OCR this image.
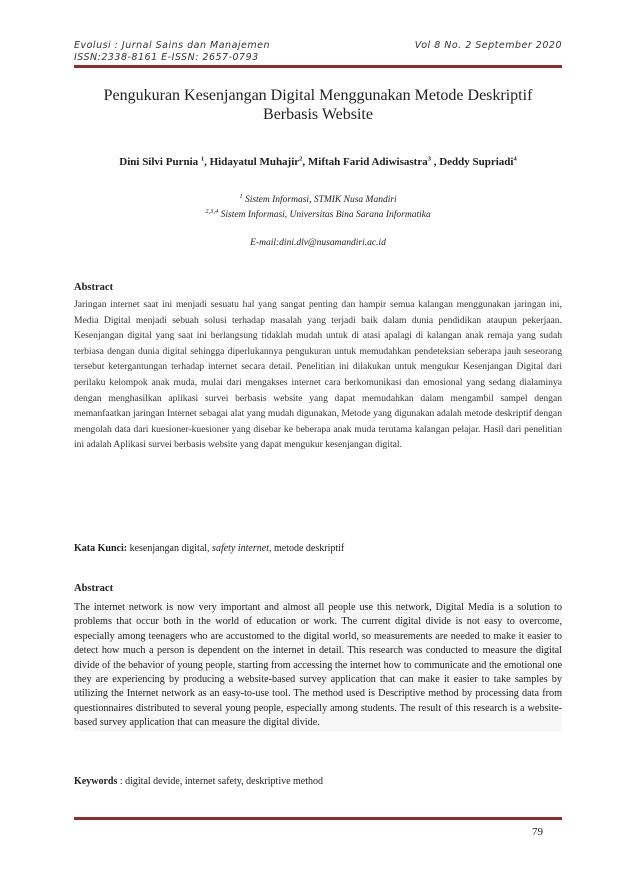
Evolusi : Jurnal Sains dan Manajemen	Vol 8 No. 2 September 2020
ISSN:2338-8161 E-ISSN: 2657-0793
Pengukuran Kesenjangan Digital Menggunakan Metode Deskriptif
Berbasis Website
Dini Silvi Purnia $^1$, Hidayatul Muhajir$^2$, Miftah Farid Adiwisastra$^3$ , Deddy Supriadi$^4$
$^1$ Sistem Informasi, STMIK Nusa Mandiri
$^{2,3,4}$ Sistem Informasi, Universitas Bina Sarana Informatika
E-mail:dini.dlv@nusamandiri.ac.id
Abstract

Jaringan internet saat ini menjadi sesuatu hal yang sangat penting dan hampir semua kalangan menggunakan jaringan ini, Media Digital menjadi sebuah solusi terhadap masalah yang terjadi baik dalam dunia pendidikan ataupun pekerjaan. Kesenjangan digital yang saat ini berlangsung tidaklah mudah untuk di atasi apalagi di kalangan anak remaja yang sudah terbiasa dengan dunia digital sehingga diperlukannya pengukuran untuk memudahkan pendeteksian seberapa jauh seseorang tersebut ketergantungan terhadap internet secara detail. Penelitian ini dilakukan untuk mengukur Kesenjangan Digital dari perilaku kelompok anak muda, mulai dari mengakses internet cara berkomunikasi dan emosional yang sedang dialaminya dengan menghasilkan aplikasi survei berbasis website yang dapat memudahkan dalam mengambil sampel dengan memanfaatkan jaringan Internet sebagai alat yang mudah digunakan, Metode yang digunakan adalah metode deskriptif dengan mengolah data dari kuesioner-kuesioner yang disebar ke beberapa anak muda terutama kalangan pelajar. Hasil dari penelitian ini adalah Aplikasi survei berbasis website yang dapat mengukur kesenjangan digital.

Kata Kunci: kesenjangan digital, safety internet, metode deskriptif
Abstract

The internet network is now very important and almost all people use this network, Digital Media is a solution to problems that occur both in the world of education or work. The current digital divide is not easy to overcome, especially among teenagers who are accustomed to the digital world, so measurements are needed to make it easier to detect how much a person is dependent on the internet in detail. This research was conducted to measure the digital divide of the behavior of young people, starting from accessing the internet how to communicate and the emotional one they are experiencing by producing a website-based survey application that can make it easier to take samples by utilizing the Internet network as an easy-to-use tool. The method used is Descriptive method by processing data from questionnaires distributed to several young people, especially among students. The result of this research is a website-based survey application that can measure the digital divide.

Keywords : digital devide, internet safety, deskriptive method
79
